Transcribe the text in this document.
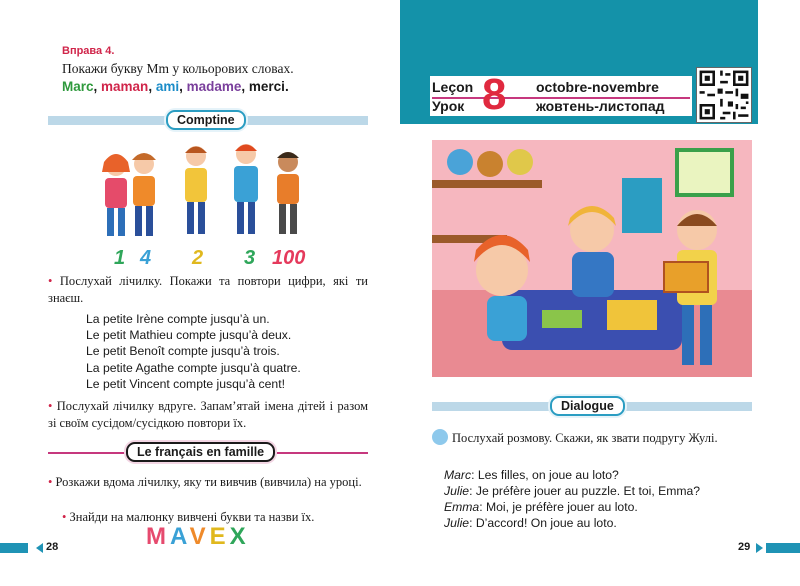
Вправа 4.
Покажи букву Мm у кольорових словах.
Marc, maman, ami, madame, merci.
Comptine
1 4 2 3 100
• Послухай лічилку. Покажи та повтори цифри, які ти знаєш.
La petite Irène compte jusqu’à un.
Le petit Mathieu compte jusqu’à deux.
Le petit Benoît compte jusqu’à trois.
La petite Agathe compte jusqu’à quatre.
Le petit Vincent compte jusqu’à cent!
• Послухай лічилку вдруге. Запам’ятай імена дітей і разом зі своїм сусідом/сусідкою повтори їх.
Le français en famille
• Розкажи вдома лічилку, яку ти вивчив (вивчила) на уроці.
• Знайди на малюнку вивчені букви та назви їх.
MAVEX
28
Leçon
Урок 8 octobre-novembre
жовтень-листопад
Dialogue
Послухай розмову. Скажи, як звати подругу Жулі.
Marc: Les filles, on joue au loto?
Julie: Je préfère jouer au puzzle. Et toi, Emma?
Emma: Moi, je préfère jouer au loto.
Julie: D’accord! On joue au loto.
29
